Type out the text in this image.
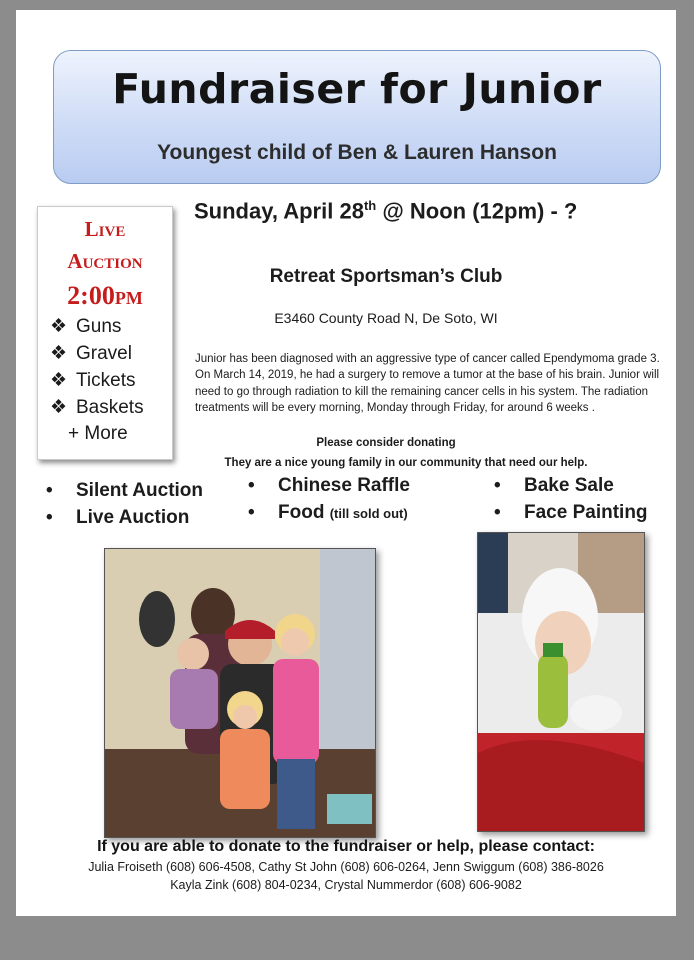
Fundraiser for Junior
Youngest child of Ben & Lauren Hanson
Live
Auction
2:00pm
❖ Guns
❖ Gravel
❖ Tickets
❖ Baskets
+ More
Sunday, April 28th @ Noon (12pm) - ?
Retreat Sportsman’s Club
E3460 County Road N, De Soto, WI
Junior has been diagnosed with an aggressive type of cancer called Ependymoma grade 3. On March 14, 2019, he had a surgery to remove a tumor at the base of his brain. Junior will need to go through radiation to kill the remaining cancer cells in his system. The radiation treatments will be every morning, Monday through Friday, for around 6 weeks .
Please consider donating
They are a nice young family in our community that need our help.
• Silent Auction
• Live Auction
• Chinese Raffle
• Food (till sold out)
• Bake Sale
• Face Painting
If you are able to donate to the fundraiser or help, please contact:
Julia Froiseth (608) 606-4508, Cathy St John (608) 606-0264, Jenn Swiggum (608) 386-8026
Kayla Zink (608) 804-0234, Crystal Nummerdor (608) 606-9082
